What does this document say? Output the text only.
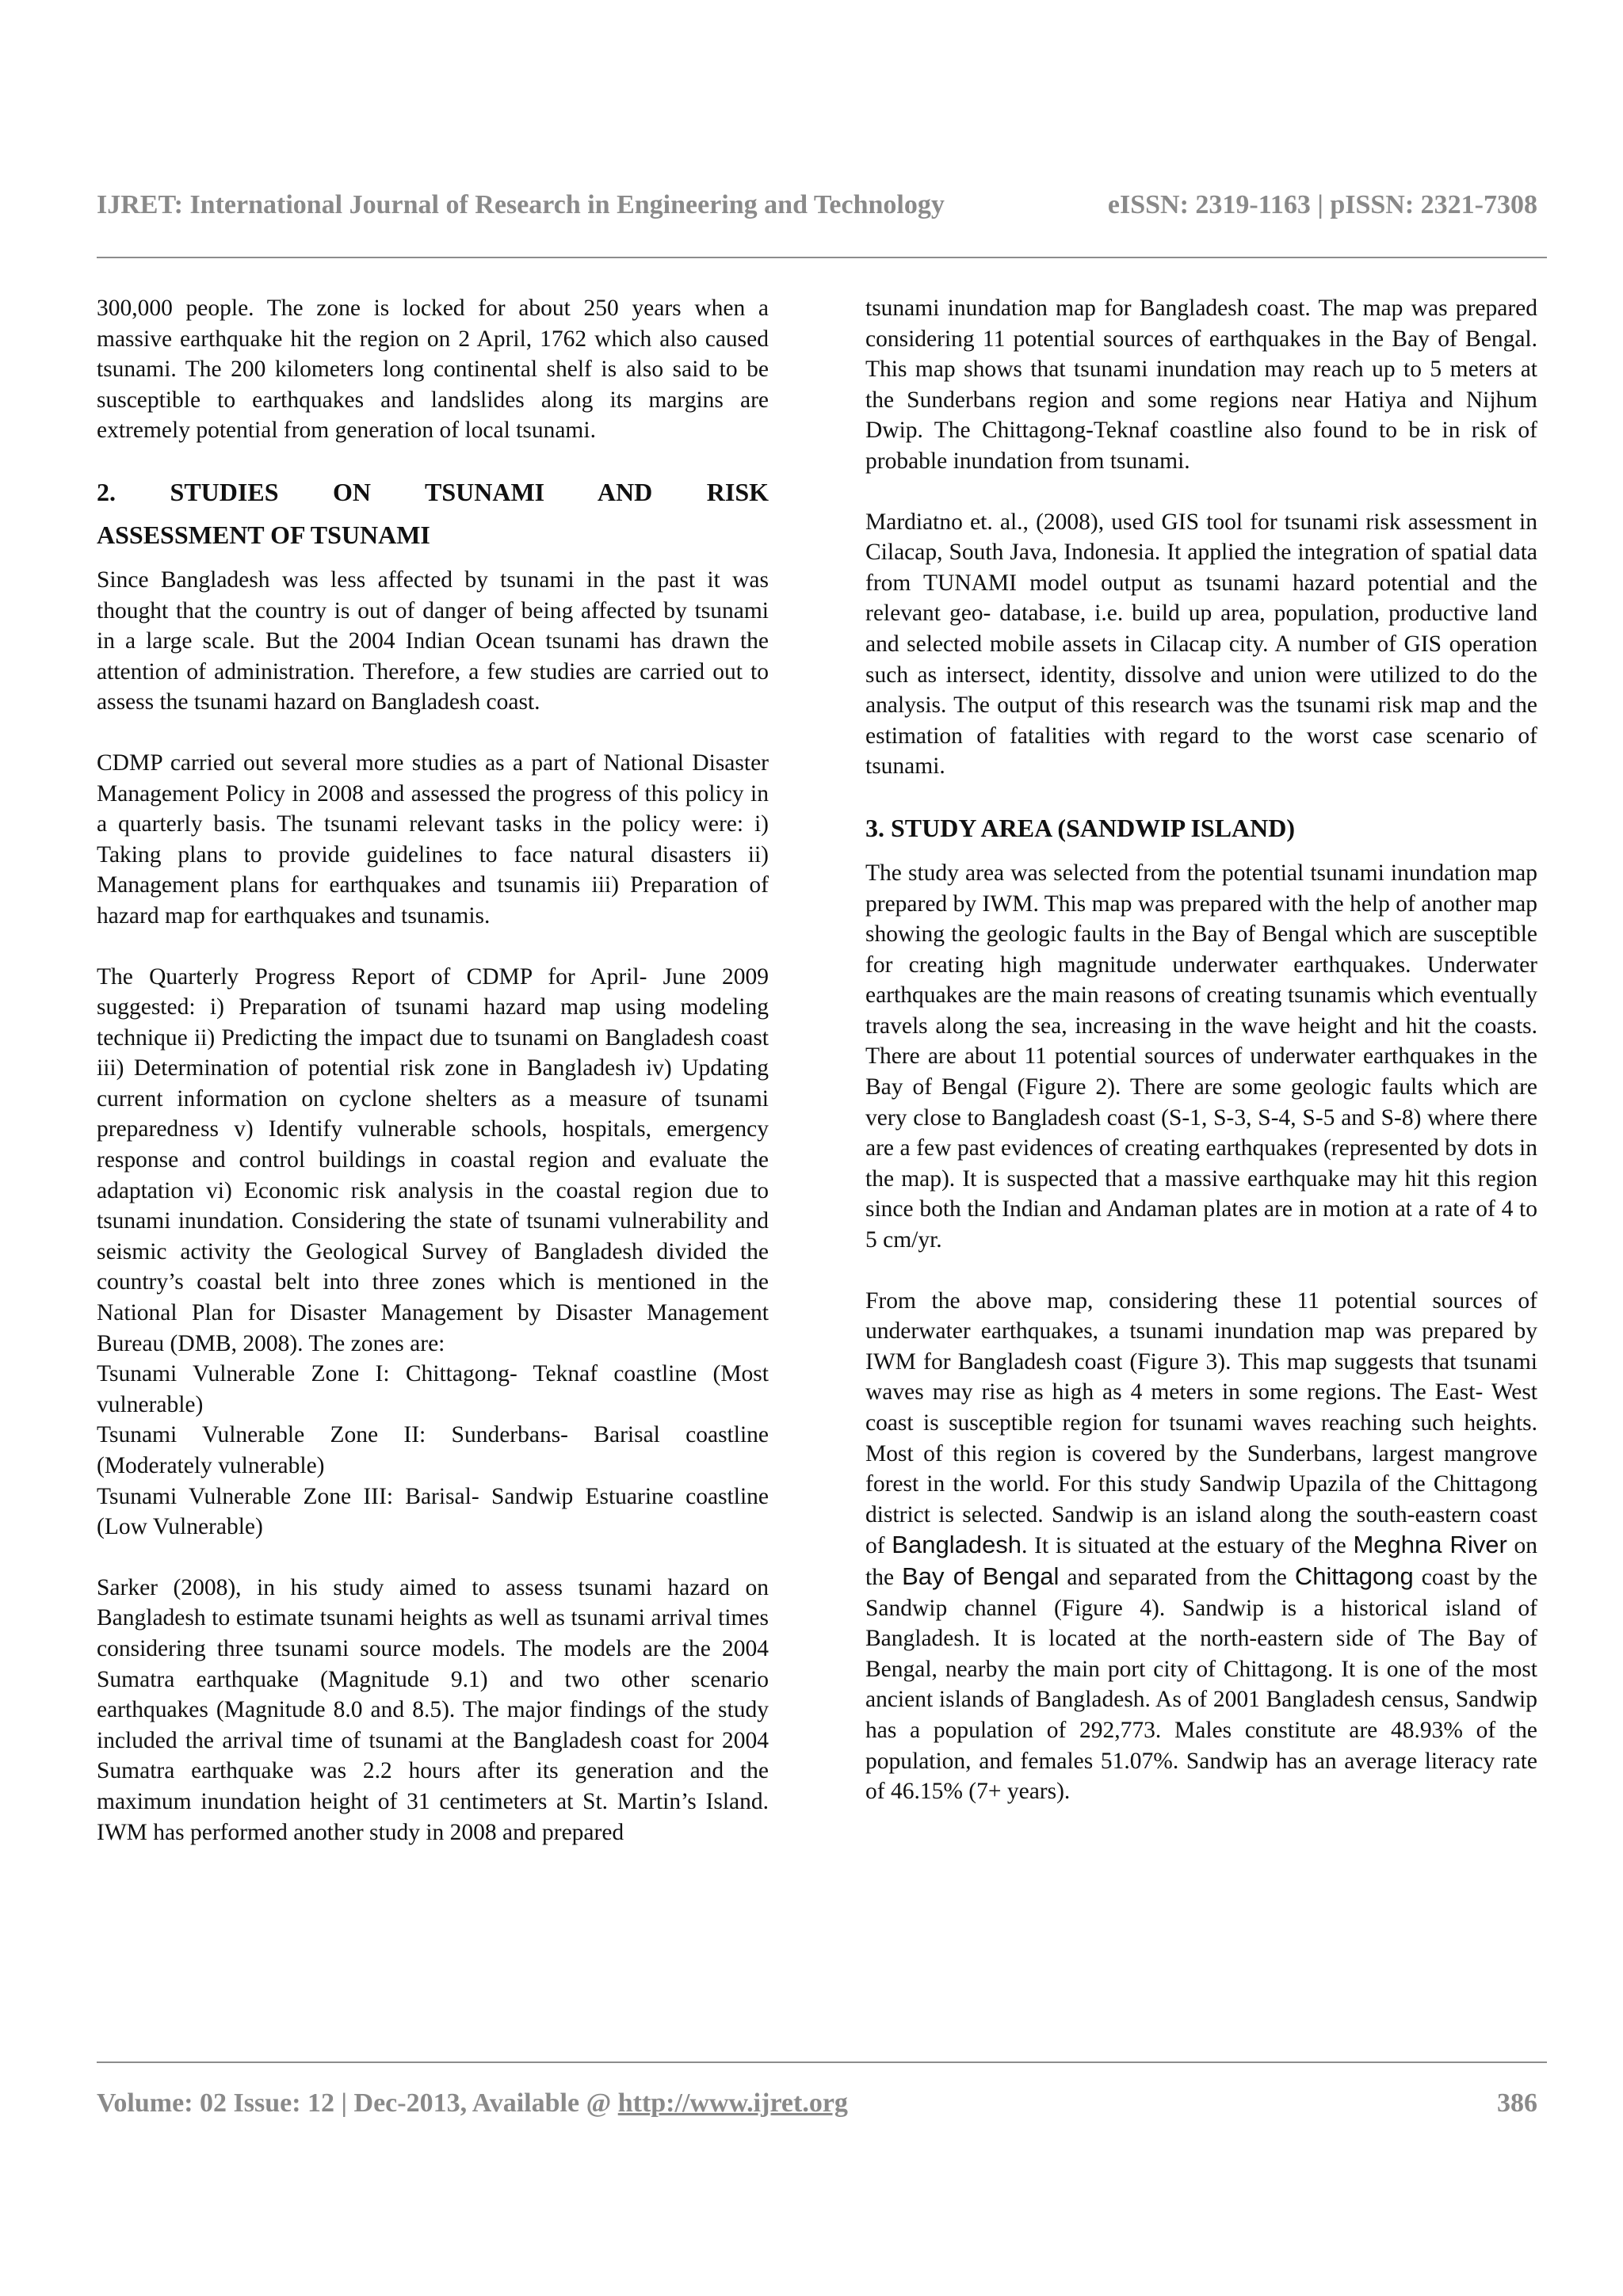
IJRET: International Journal of Research in Engineering and Technology	eISSN: 2319-1163 | pISSN: 2321-7308

300,000 people. The zone is locked for about 250 years when a massive earthquake hit the region on 2 April, 1762 which also caused tsunami. The 200 kilometers long continental shelf is also said to be susceptible to earthquakes and landslides along its margins are extremely potential from generation of local tsunami.

2. STUDIES ON TSUNAMI AND RISK
ASSESSMENT OF TSUNAMI

Since Bangladesh was less affected by tsunami in the past it was thought that the country is out of danger of being affected by tsunami in a large scale. But the 2004 Indian Ocean tsunami has drawn the attention of administration. Therefore, a few studies are carried out to assess the tsunami hazard on Bangladesh coast.

CDMP carried out several more studies as a part of National Disaster Management Policy in 2008 and assessed the progress of this policy in a quarterly basis. The tsunami relevant tasks in the policy were: i) Taking plans to provide guidelines to face natural disasters ii) Management plans for earthquakes and tsunamis iii) Preparation of hazard map for earthquakes and tsunamis.

The Quarterly Progress Report of CDMP for April- June 2009 suggested: i) Preparation of tsunami hazard map using modeling technique ii) Predicting the impact due to tsunami on Bangladesh coast iii) Determination of potential risk zone in Bangladesh iv) Updating current information on cyclone shelters as a measure of tsunami preparedness v) Identify vulnerable schools, hospitals, emergency response and control buildings in coastal region and evaluate the adaptation vi) Economic risk analysis in the coastal region due to tsunami inundation. Considering the state of tsunami vulnerability and seismic activity the Geological Survey of Bangladesh divided the country’s coastal belt into three zones which is mentioned in the National Plan for Disaster Management by Disaster Management Bureau (DMB, 2008). The zones are:

Tsunami Vulnerable Zone I: Chittagong- Teknaf coastline (Most vulnerable)

Tsunami Vulnerable Zone II: Sunderbans- Barisal coastline (Moderately vulnerable)

Tsunami Vulnerable Zone III: Barisal- Sandwip Estuarine coastline (Low Vulnerable)

Sarker (2008), in his study aimed to assess tsunami hazard on Bangladesh to estimate tsunami heights as well as tsunami arrival times considering three tsunami source models. The models are the 2004 Sumatra earthquake (Magnitude 9.1) and two other scenario earthquakes (Magnitude 8.0 and 8.5). The major findings of the study included the arrival time of tsunami at the Bangladesh coast for 2004 Sumatra earthquake was 2.2 hours after its generation and the maximum inundation height of 31 centimeters at St. Martin’s Island. IWM has performed another study in 2008 and prepared

tsunami inundation map for Bangladesh coast. The map was prepared considering 11 potential sources of earthquakes in the Bay of Bengal. This map shows that tsunami inundation may reach up to 5 meters at the Sunderbans region and some regions near Hatiya and Nijhum Dwip. The Chittagong-Teknaf coastline also found to be in risk of probable inundation from tsunami.

Mardiatno et. al., (2008), used GIS tool for tsunami risk assessment in Cilacap, South Java, Indonesia. It applied the integration of spatial data from TUNAMI model output as tsunami hazard potential and the relevant geo- database, i.e. build up area, population, productive land and selected mobile assets in Cilacap city. A number of GIS operation such as intersect, identity, dissolve and union were utilized to do the analysis. The output of this research was the tsunami risk map and the estimation of fatalities with regard to the worst case scenario of tsunami.

3. STUDY AREA (SANDWIP ISLAND)

The study area was selected from the potential tsunami inundation map prepared by IWM. This map was prepared with the help of another map showing the geologic faults in the Bay of Bengal which are susceptible for creating high magnitude underwater earthquakes. Underwater earthquakes are the main reasons of creating tsunamis which eventually travels along the sea, increasing in the wave height and hit the coasts. There are about 11 potential sources of underwater earthquakes in the Bay of Bengal (Figure 2). There are some geologic faults which are very close to Bangladesh coast (S-1, S-3, S-4, S-5 and S-8) where there are a few past evidences of creating earthquakes (represented by dots in the map). It is suspected that a massive earthquake may hit this region since both the Indian and Andaman plates are in motion at a rate of 4 to 5 cm/yr.

From the above map, considering these 11 potential sources of underwater earthquakes, a tsunami inundation map was prepared by IWM for Bangladesh coast (Figure 3). This map suggests that tsunami waves may rise as high as 4 meters in some regions. The East- West coast is susceptible region for tsunami waves reaching such heights. Most of this region is covered by the Sunderbans, largest mangrove forest in the world. For this study Sandwip Upazila of the Chittagong district is selected. Sandwip is an island along the south-eastern coast of Bangladesh. It is situated at the estuary of the Meghna River on the Bay of Bengal and separated from the Chittagong coast by the Sandwip channel (Figure 4). Sandwip is a historical island of Bangladesh. It is located at the north-eastern side of The Bay of Bengal, nearby the main port city of Chittagong. It is one of the most ancient islands of Bangladesh. As of 2001 Bangladesh census, Sandwip has a population of 292,773. Males constitute are 48.93% of the population, and females 51.07%. Sandwip has an average literacy rate of 46.15% (7+ years).

Volume: 02 Issue: 12 | Dec-2013, Available @ http://www.ijret.org	386
